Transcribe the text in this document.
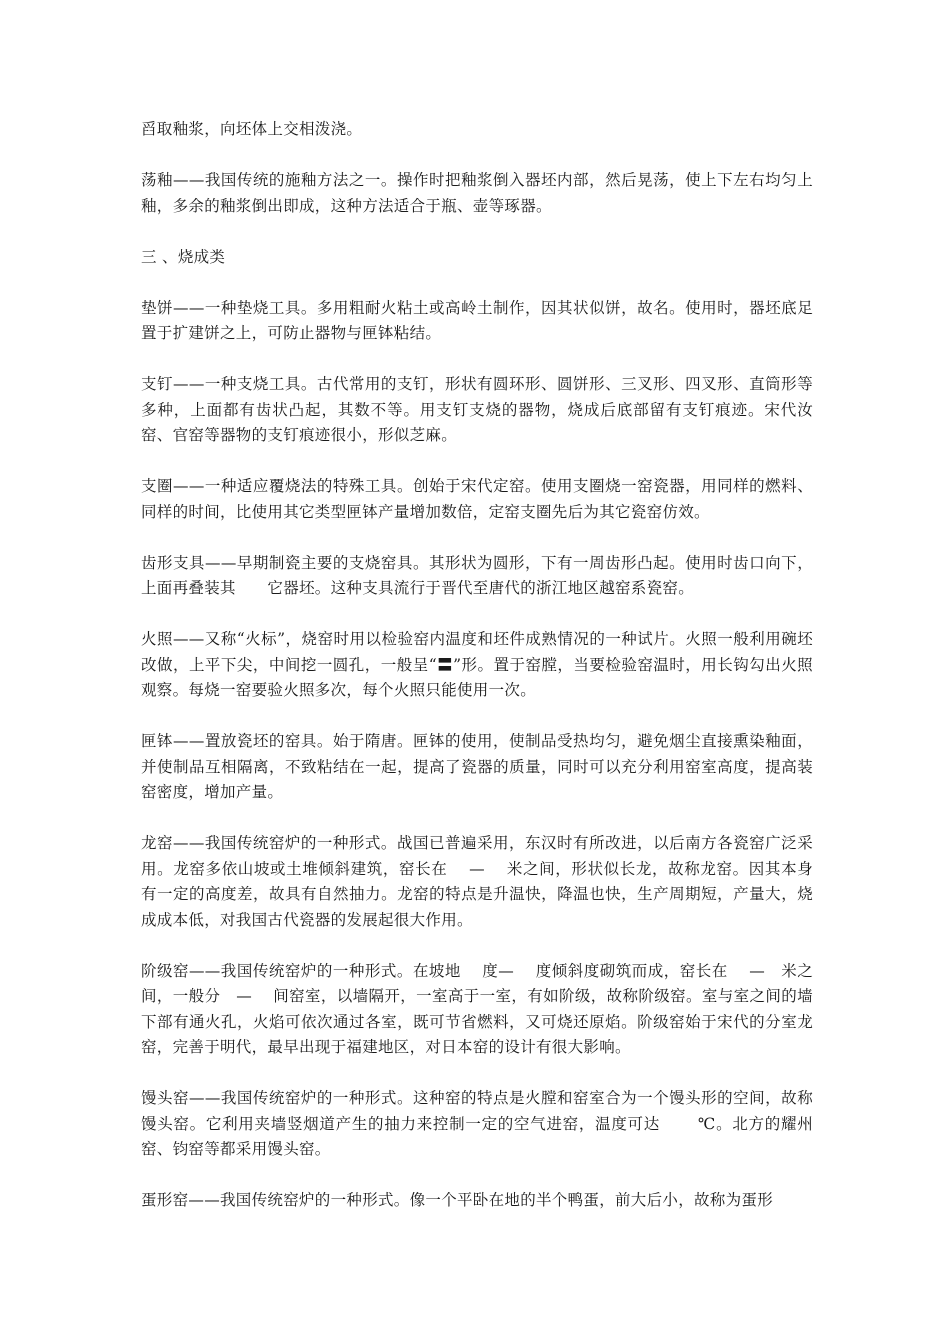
舀取釉浆，向坯体上交相泼浇。

荡釉——我国传统的施釉方法之一。操作时把釉浆倒入器坯内部，然后晃荡，使上下左右均匀上釉，多余的釉浆倒出即成，这种方法适合于瓶、壶等琢器。

三 、烧成类

垫饼——一种垫烧工具。多用粗耐火粘土或高岭土制作，因其状似饼，故名。使用时，器坯底足置于扩建饼之上，可防止器物与匣钵粘结。

支钉——一种支烧工具。古代常用的支钉，形状有圆环形、圆饼形、三叉形、四叉形、直筒形等多种，上面都有齿状凸起，其数不等。用支钉支烧的器物，烧成后底部留有支钉痕迹。宋代汝窑、官窑等器物的支钉痕迹很小，形似芝麻。

支圈——一种适应覆烧法的特殊工具。创始于宋代定窑。使用支圈烧一窑瓷器，用同样的燃料、同样的时间，比使用其它类型匣钵产量增加数倍，定窑支圈先后为其它瓷窑仿效。

齿形支具——早期制瓷主要的支烧窑具。其形状为圆形，下有一周齿形凸起。使用时齿口向下，上面再叠装其　　它器坯。这种支具流行于晋代至唐代的浙江地区越窑系瓷窑。

火照——又称“火标”，烧窑时用以检验窑内温度和坯件成熟情况的一种试片。火照一般利用碗坯改做，上平下尖，中间挖一圆孔，一般呈“〓”形。置于窑膛，当要检验窑温时，用长钩勾出火照观察。每烧一窑要验火照多次，每个火照只能使用一次。

匣钵——置放瓷坯的窑具。始于隋唐。匣钵的使用，使制品受热均匀，避免烟尘直接熏染釉面，并使制品互相隔离，不致粘结在一起，提高了瓷器的质量，同时可以充分利用窑室高度，提高装窑密度，增加产量。

龙窑——我国传统窑炉的一种形式。战国已普遍采用，东汉时有所改进，以后南方各瓷窑广泛采用。龙窑多依山坡或土堆倾斜建筑，窑长在　 —　 米之间，形状似长龙，故称龙窑。因其本身有一定的高度差，故具有自然抽力。龙窑的特点是升温快，降温也快，生产周期短，产量大，烧成成本低，对我国古代瓷器的发展起很大作用。

阶级窑——我国传统窑炉的一种形式。在坡地　 度—　 度倾斜度砌筑而成，窑长在　 —　米之间，一般分　—　 间窑室，以墙隔开，一室高于一室，有如阶级，故称阶级窑。室与室之间的墙下部有通火孔，火焰可依次通过各室，既可节省燃料，又可烧还原焰。阶级窑始于宋代的分室龙窑，完善于明代，最早出现于福建地区，对日本窑的设计有很大影响。

馒头窑——我国传统窑炉的一种形式。这种窑的特点是火膛和窑室合为一个馒头形的空间，故称馒头窑。它利用夹墙竖烟道产生的抽力来控制一定的空气进窑，温度可达　　 ℃。北方的耀州窑、钧窑等都采用馒头窑。

蛋形窑——我国传统窑炉的一种形式。像一个平卧在地的半个鸭蛋，前大后小，故称为蛋形
